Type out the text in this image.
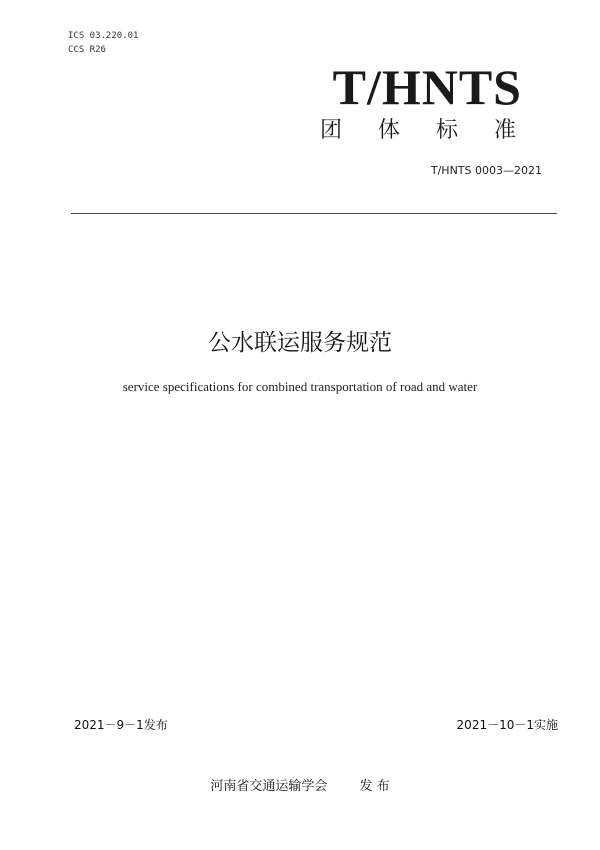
ICS 03.220.01
CCS R26
T/HNTS
团体标准
T/HNTS 0003—2021
公水联运服务规范
service specifications for combined transportation of road and water
2021－9－1发布	2021－10－1实施
河南省交通运输学会 发 布
